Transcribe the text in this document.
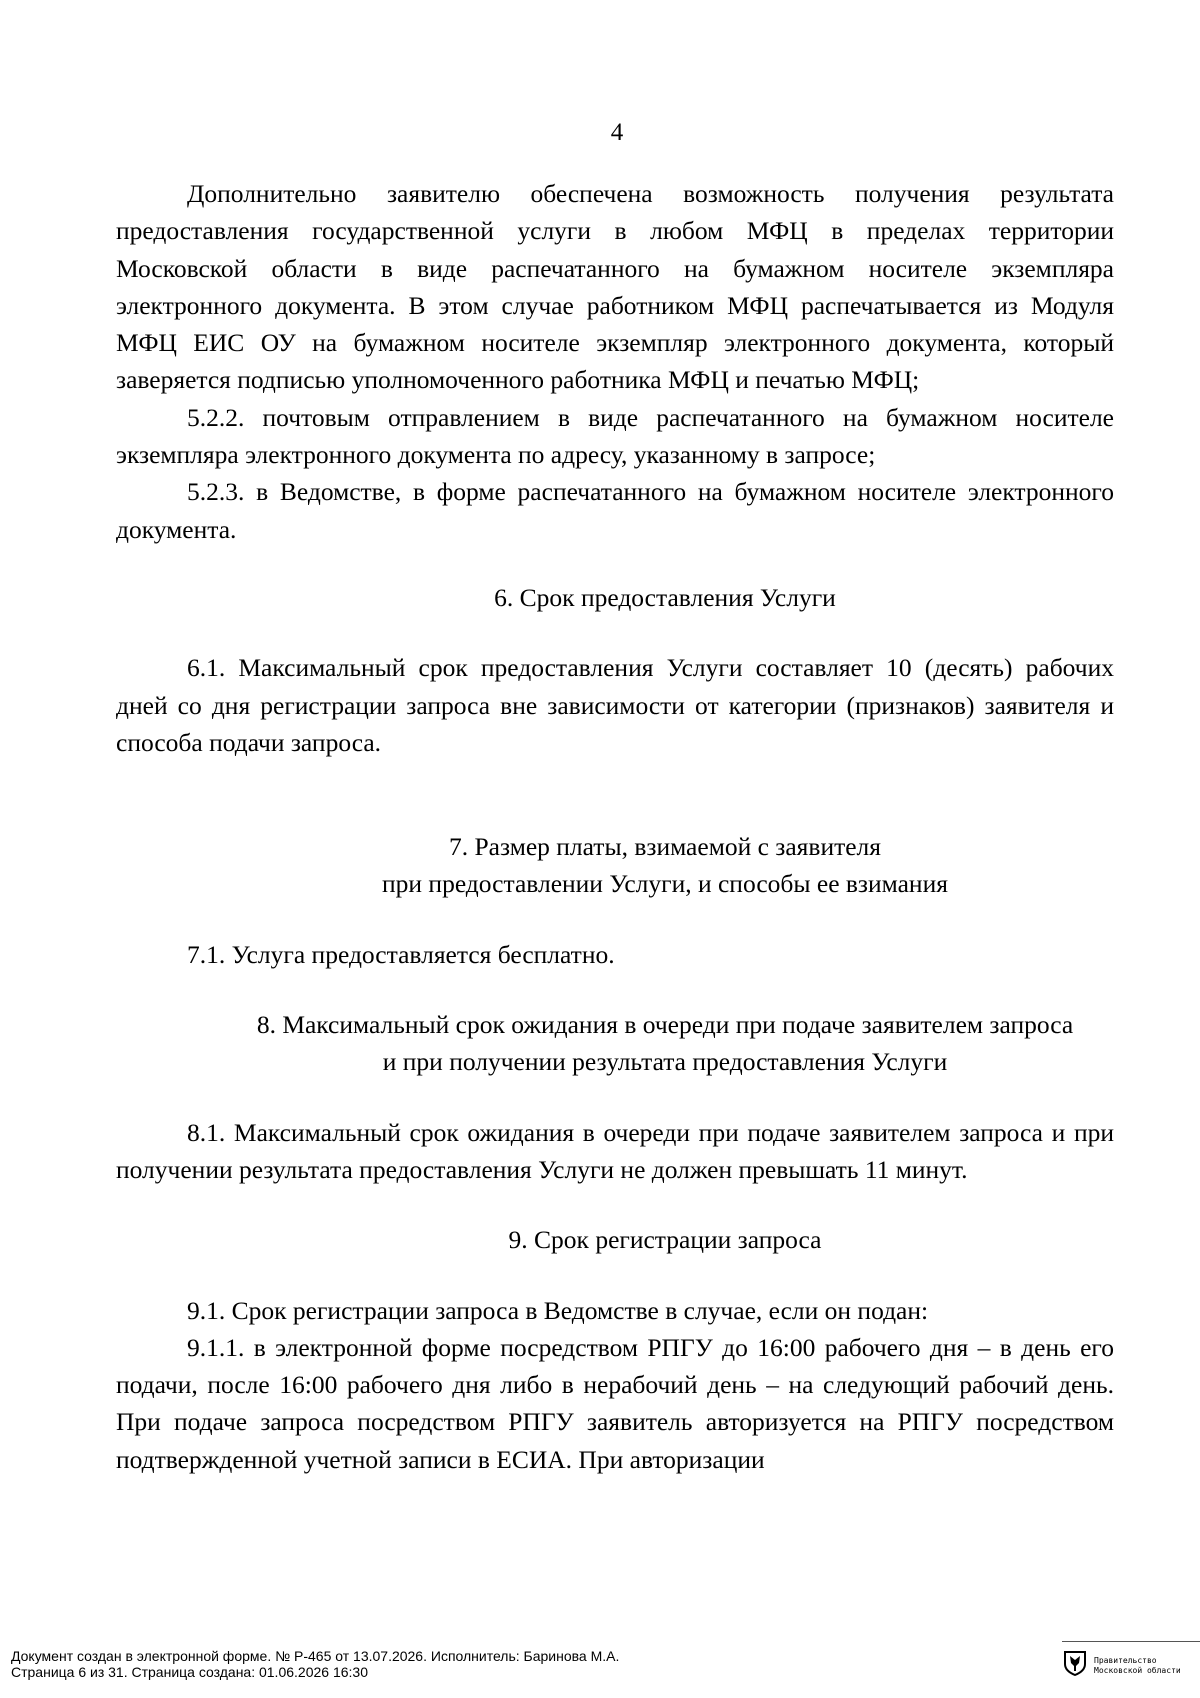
4

Дополнительно заявителю обеспечена возможность получения результата предоставления государственной услуги в любом МФЦ в пределах территории Московской области в виде распечатанного на бумажном носителе экземпляра электронного документа. В этом случае работником МФЦ распечатывается из Модуля МФЦ ЕИС ОУ на бумажном носителе экземпляр электронного документа, который заверяется подписью уполномоченного работника МФЦ и печатью МФЦ;

5.2.2. почтовым отправлением в виде распечатанного на бумажном носителе экземпляра электронного документа по адресу, указанному в запросе;

5.2.3. в Ведомстве, в форме распечатанного на бумажном носителе электронного документа.

6. Срок предоставления Услуги

6.1. Максимальный срок предоставления Услуги составляет 10 (десять) рабочих дней со дня регистрации запроса вне зависимости от категории (признаков) заявителя и способа подачи запроса.

7. Размер платы, взимаемой с заявителя
при предоставлении Услуги, и способы ее взимания

7.1. Услуга предоставляется бесплатно.

8. Максимальный срок ожидания в очереди при подаче заявителем запроса
и при получении результата предоставления Услуги

8.1. Максимальный срок ожидания в очереди при подаче заявителем запроса и при получении результата предоставления Услуги не должен превышать 11 минут.

9. Срок регистрации запроса

9.1. Срок регистрации запроса в Ведомстве в случае, если он подан:

9.1.1. в электронной форме посредством РПГУ до 16:00 рабочего дня – в день его подачи, после 16:00 рабочего дня либо в нерабочий день – на следующий рабочий день. При подаче запроса посредством РПГУ заявитель авторизуется на РПГУ посредством подтвержденной учетной записи в ЕСИА. При авторизации

Документ создан в электронной форме. № Р-465 от 13.07.2026. Исполнитель: Баринова М.А.
Страница 6 из 31. Страница создана: 01.06.2026 16:30
Правительство
Московской области
